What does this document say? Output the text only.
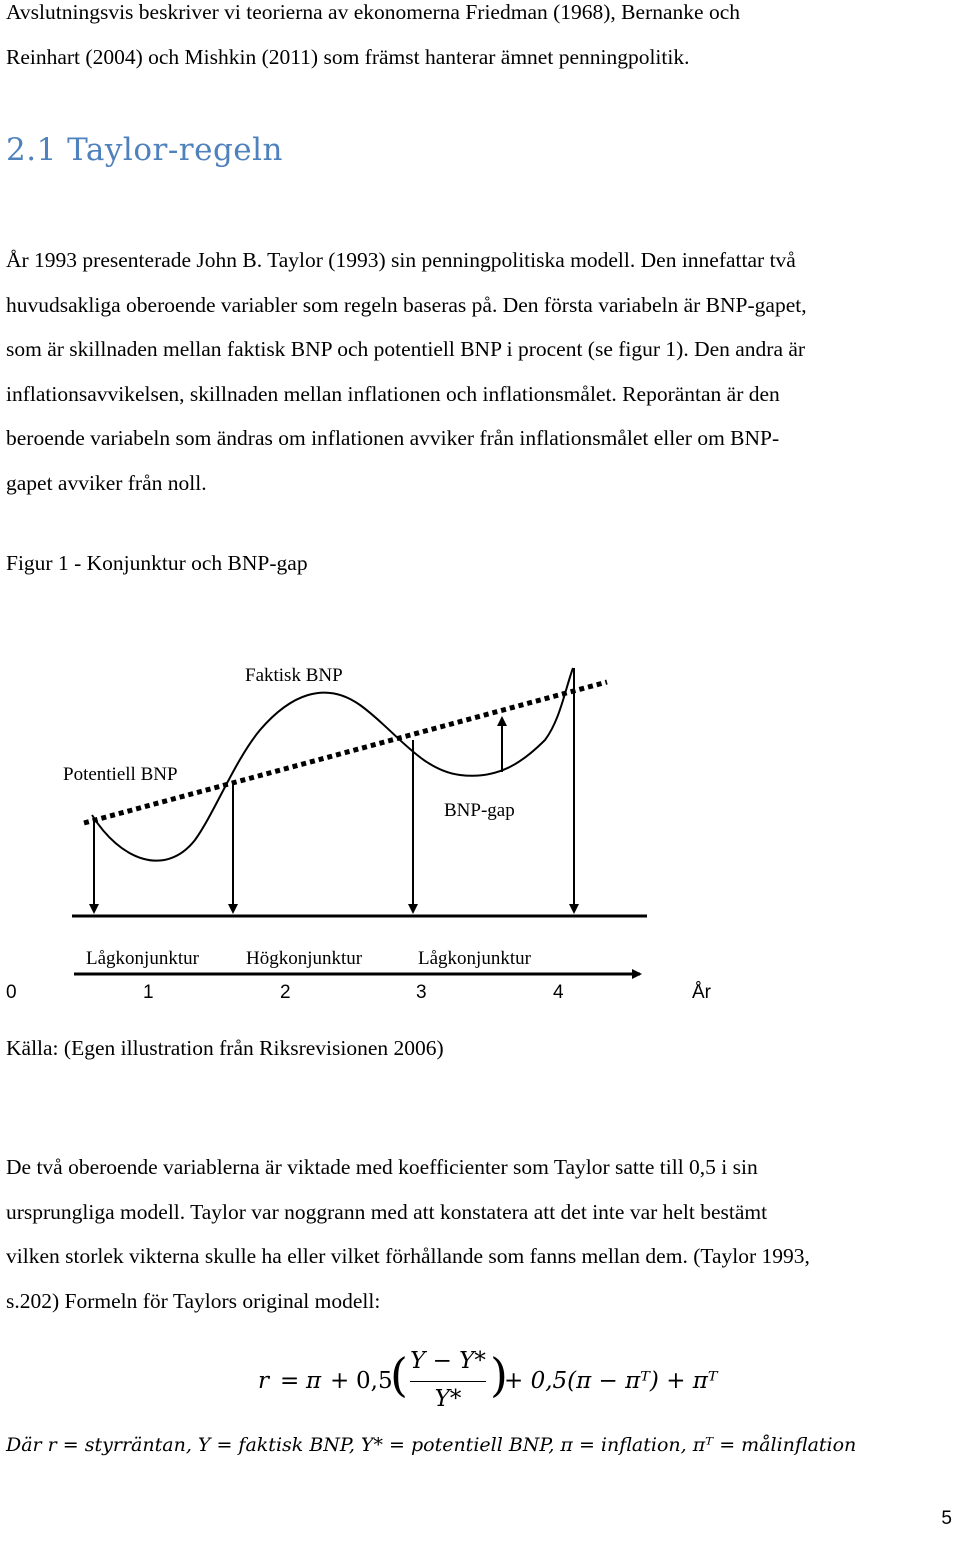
Avslutningsvis beskriver vi teorierna av ekonomerna Friedman (1968), Bernanke och
Reinhart (2004) och Mishkin (2011) som främst hanterar ämnet penningpolitik.
2.1 Taylor-regeln
År 1993 presenterade John B. Taylor (1993) sin penningpolitiska modell. Den innefattar två
huvudsakliga oberoende variabler som regeln baseras på. Den första variabeln är BNP-gapet,
som är skillnaden mellan faktisk BNP och potentiell BNP i procent (se figur 1). Den andra är
inflationsavvikelsen, skillnaden mellan inflationen och inflationsmålet. Reporäntan är den
beroende variabeln som ändras om inflationen avviker från inflationsmålet eller om BNP-
gapet avviker från noll.

Figur 1 - Konjunktur och BNP-gap

Faktisk BNP
Potentiell BNP
BNP-gap
Lågkonjunktur Högkonjunktur	Lågkonjunktur
0	1	2	3	4	År

Källa: (Egen illustration från Riksrevisionen 2006)

De två oberoende variablerna är viktade med koefficienter som Taylor satte till 0,5 i sin
ursprungliga modell. Taylor var noggrann med att konstatera att det inte var helt bestämt
vilken storlek vikterna skulle ha eller vilket förhållande som fanns mellan dem. (Taylor 1993,
s.202) Formeln för Taylors original modell:
r = π + 0,5
( Y − Y*
Y* )
+ 0,5(π − πᵀ) + πᵀ
Där r = styrräntan, Y = faktisk BNP, Y* = potentiell BNP, π = inflation, πᵀ = målinflation
5
